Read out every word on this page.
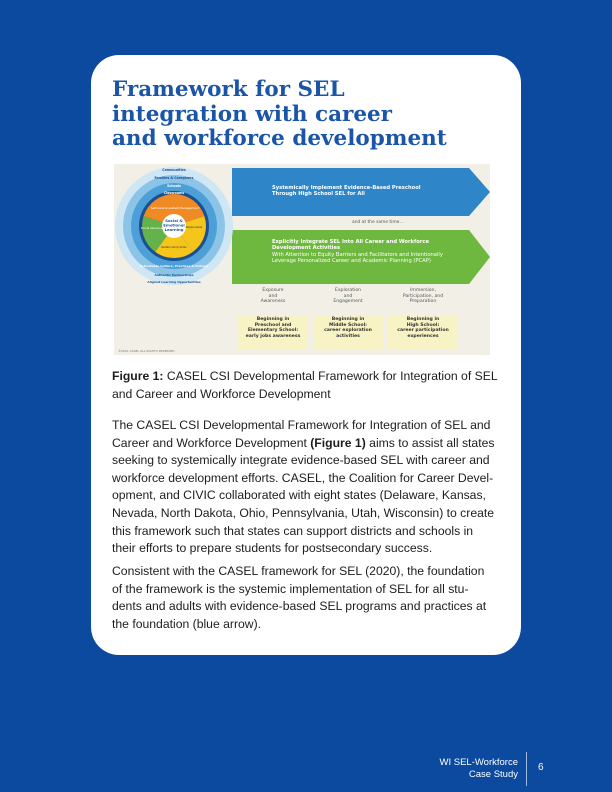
Framework for SEL
integration with career
and workforce development
Social &
Emotional
Learning
Self-Awareness Self-Management
Responsible
Relationship Skills
Social Awareness
Communities
Families & Caregivers
Schools
Classrooms
Schoolwide Culture, Practices & Policies
Authentic Partnerships
Aligned Learning Opportunities
Systemically Implement Evidence-Based Preschool
Through High School SEL for All
and at the same time…
Explicitly Integrate SEL Into All Career and Workforce
Development Activities
With Attention to Equity Barriers and Facilitators and Intentionally
Leverage Personalized Career and Academic Planning (PCAP)
Exposure
and
Awareness
Beginning in
Preschool and
Elementary School:
early jobs awareness
Exploration
and
Engagement
Beginning in
Middle School:
career exploration
activities
Immersion,
Participation, and
Preparation
Beginning in
High School:
career participation
experiences
©2021 CASEL ALL RIGHTS RESERVED

Figure 1: CASEL CSI Developmental Framework for Integration of SEL and Career and Workforce Development

The CASEL CSI Developmental Framework for Integration of SEL and
Career and Workforce Development (Figure 1) aims to assist all states
seeking to systemically integrate evidence-based SEL with career and
workforce development efforts. CASEL, the Coalition for Career Devel-
opment, and CIVIC collaborated with eight states (Delaware, Kansas,
Nevada, North Dakota, Ohio, Pennsylvania, Utah, Wisconsin) to create
this framework such that states can support districts and schools in
their efforts to prepare students for postsecondary success.

Consistent with the CASEL framework for SEL (2020), the foundation
of the framework is the systemic implementation of SEL for all stu-
dents and adults with evidence-based SEL programs and practices at
the foundation (blue arrow).

WI SEL-Workforce
Case Study
6
